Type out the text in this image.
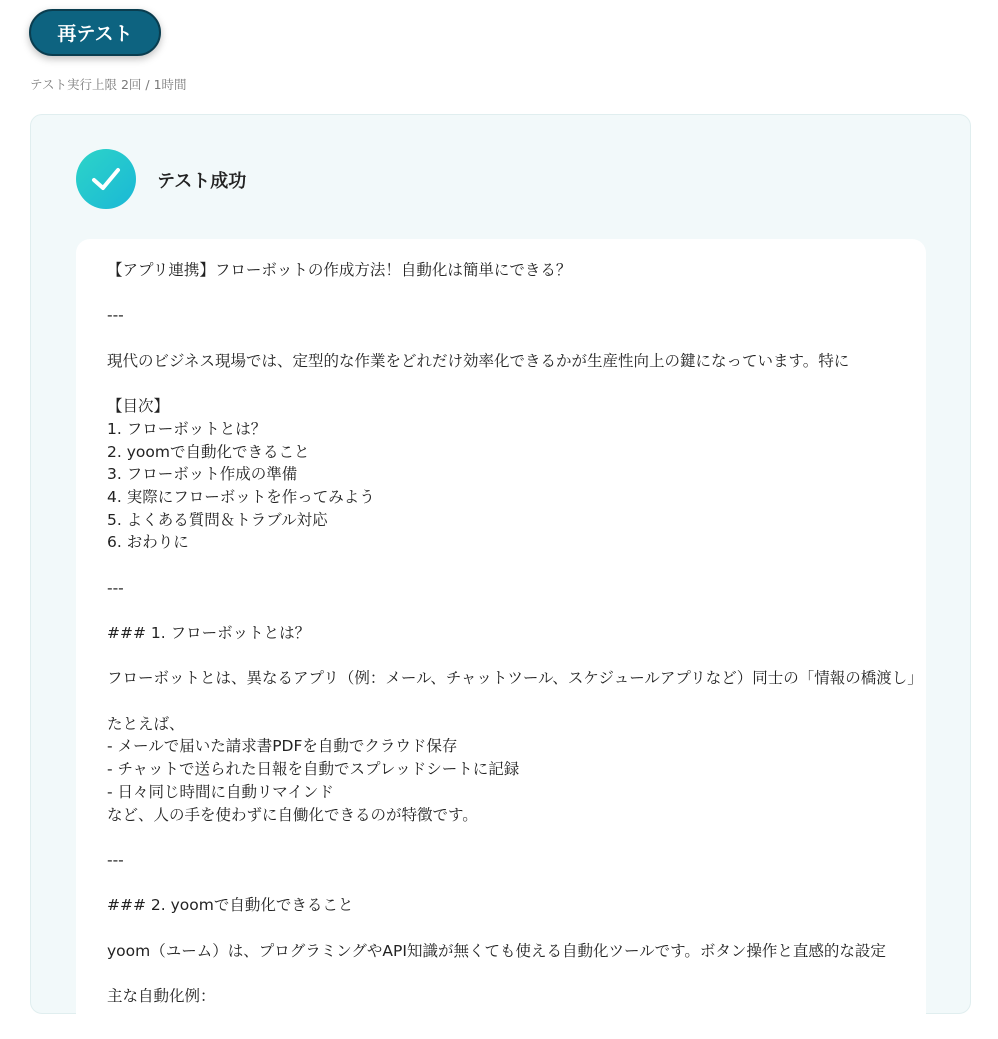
再テスト
テスト実行上限 2回 / 1時間
テスト成功
【アプリ連携】フローボットの作成方法！自動化は簡単にできる？

---

現代のビジネス現場では、定型的な作業をどれだけ効率化できるかが生産性向上の鍵になっています。特に

【目次】
1. フローボットとは？
2. yoomで自動化できること
3. フローボット作成の準備
4. 実際にフローボットを作ってみよう
5. よくある質問＆トラブル対応
6. おわりに

---

### 1. フローボットとは？

フローボットとは、異なるアプリ（例：メール、チャットツール、スケジュールアプリなど）同士の「情報の橋渡し」

たとえば、
- メールで届いた請求書PDFを自動でクラウド保存
- チャットで送られた日報を自動でスプレッドシートに記録
- 日々同じ時間に自動リマインド
など、人の手を使わずに自働化できるのが特徴です。

---

### 2. yoomで自動化できること

yoom（ユーム）は、プログラミングやAPI知識が無くても使える自動化ツールです。ボタン操作と直感的な設定

主な自動化例：
